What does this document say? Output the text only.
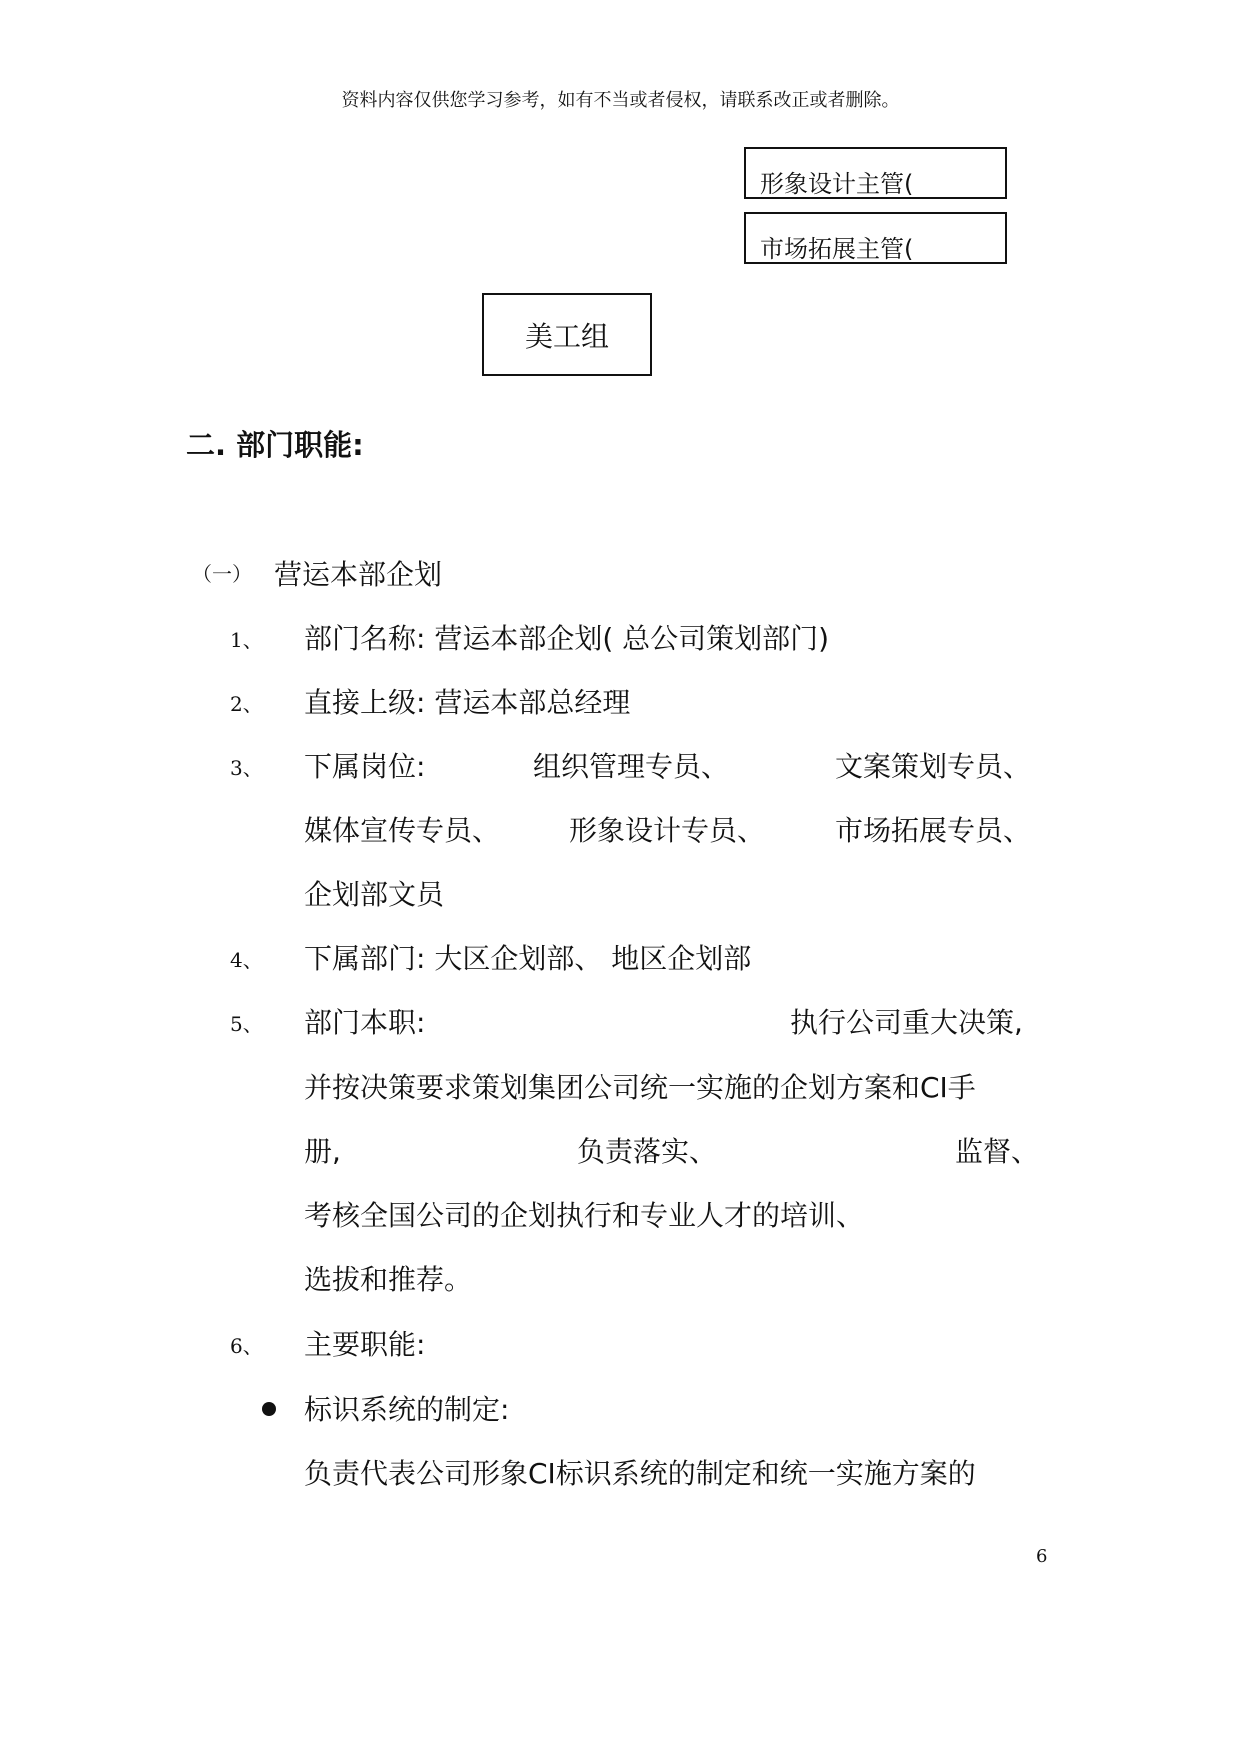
资料内容仅供您学习参考，如有不当或者侵权，请联系改正或者删除。
形象设计主管(
市场拓展主管(
美工组
二. 部门职能:
（一） 营运本部企划
1、 部门名称: 营运本部企划( 总公司策划部门)
2、 直接上级: 营运本部总经理
3、 下属岗位:	组织管理专员、	文案策划专员、
媒体宣传专员、 形象设计专员、 市场拓展专员、
企划部文员
4、 下属部门: 大区企划部、 地区企划部
5、 部门本职:	执行公司重大决策,
并按决策要求策划集团公司统一实施的企划方案和CI手
册,	负责落实、	监督、
考核全国公司的企划执行和专业人才的培训、
选拔和推荐。
6、 主要职能:
标识系统的制定:
负责代表公司形象CI标识系统的制定和统一实施方案的
6
